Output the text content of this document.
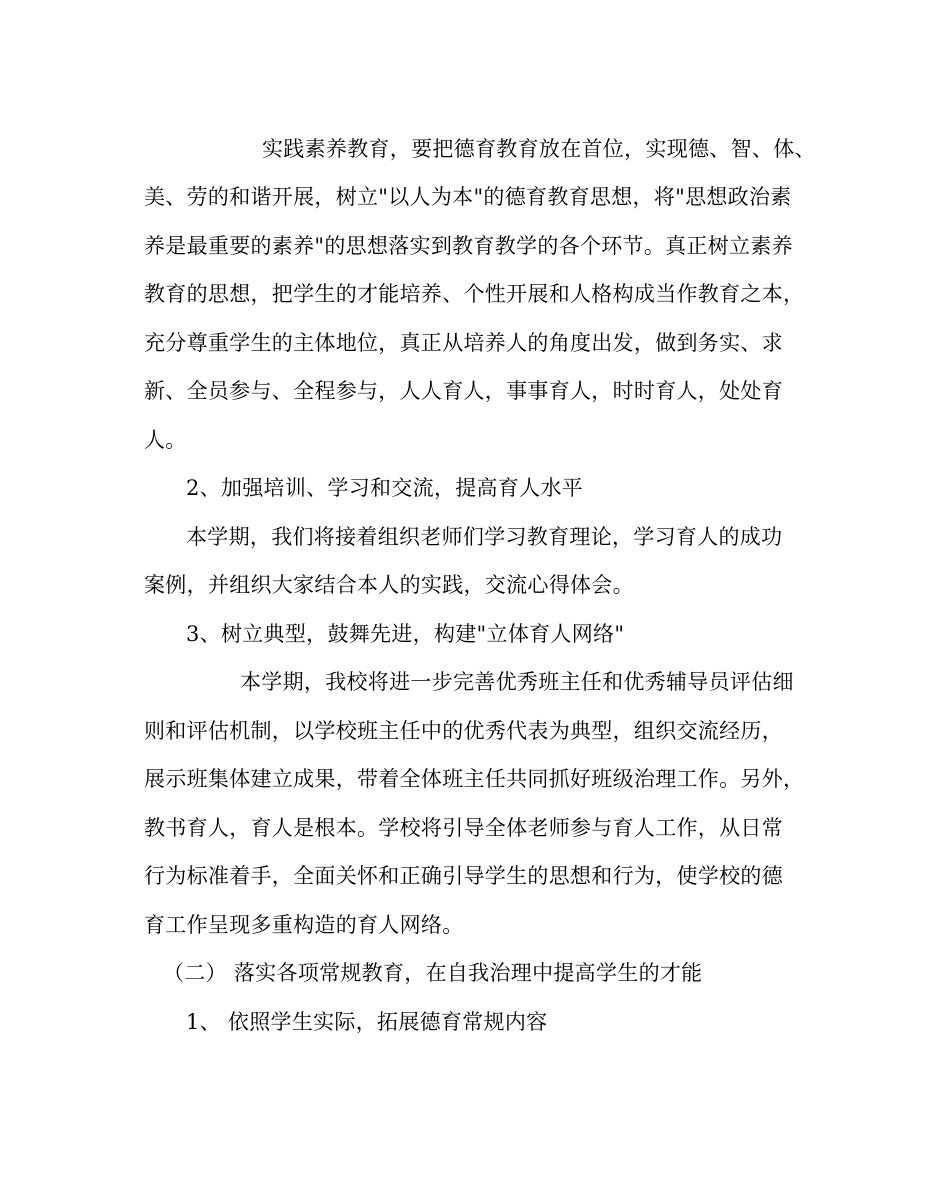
实践素养教育，要把德育教育放在首位，实现德、智、体、
美、劳的和谐开展，树立"以人为本"的德育教育思想，将"思想政治素
养是最重要的素养"的思想落实到教育教学的各个环节。真正树立素养
教育的思想，把学生的才能培养、个性开展和人格构成当作教育之本，
充分尊重学生的主体地位，真正从培养人的角度出发，做到务实、求
新、全员参与、全程参与，人人育人，事事育人，时时育人，处处育
人。
2、加强培训、学习和交流，提高育人水平
本学期，我们将接着组织老师们学习教育理论，学习育人的成功
案例，并组织大家结合本人的实践，交流心得体会。
3、树立典型，鼓舞先进，构建"立体育人网络"
本学期，我校将进一步完善优秀班主任和优秀辅导员评估细
则和评估机制，以学校班主任中的优秀代表为典型，组织交流经历，
展示班集体建立成果，带着全体班主任共同抓好班级治理工作。另外，
教书育人，育人是根本。学校将引导全体老师参与育人工作，从日常
行为标准着手，全面关怀和正确引导学生的思想和行为，使学校的德
育工作呈现多重构造的育人网络。
（二） 落实各项常规教育，在自我治理中提高学生的才能
1、 依照学生实际，拓展德育常规内容
